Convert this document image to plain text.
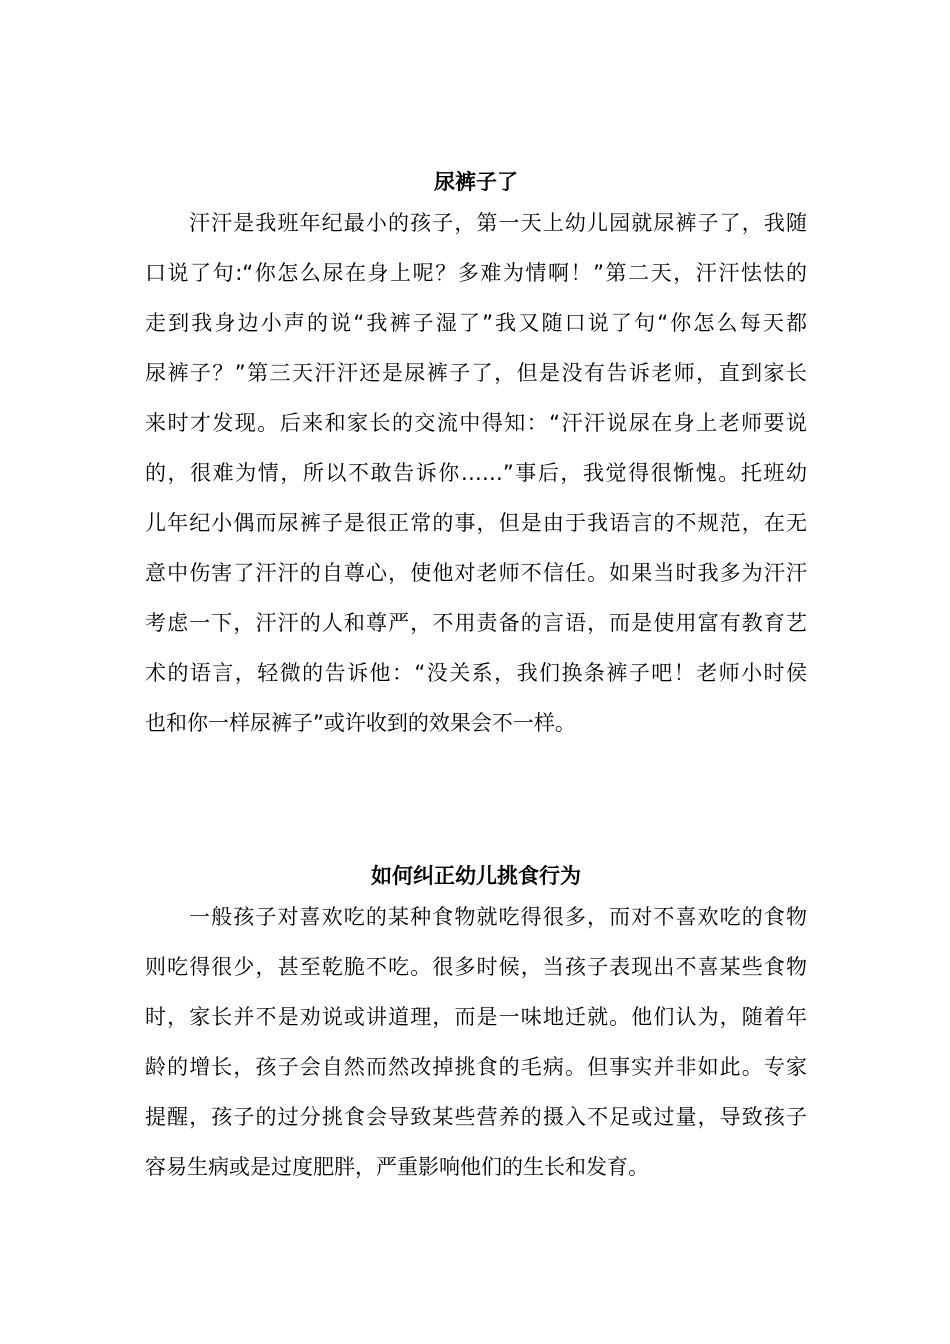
尿裤子了
汗汗是我班年纪最小的孩子，第一天上幼儿园就尿裤子了，我随
口说了句:“你怎么尿在身上呢？多难为情啊！”第二天，汗汗怯怯的
走到我身边小声的说“我裤子湿了”我又随口说了句“你怎么每天都
尿裤子？”第三天汗汗还是尿裤子了，但是没有告诉老师，直到家长
来时才发现。后来和家长的交流中得知：“汗汗说尿在身上老师要说
的，很难为情，所以不敢告诉你……”事后，我觉得很惭愧。托班幼
儿年纪小偶而尿裤子是很正常的事，但是由于我语言的不规范，在无
意中伤害了汗汗的自尊心，使他对老师不信任。如果当时我多为汗汗
考虑一下，汗汗的人和尊严，不用责备的言语，而是使用富有教育艺
术的语言，轻微的告诉他：“没关系，我们换条裤子吧！老师小时侯
也和你一样尿裤子”或许收到的效果会不一样。
如何纠正幼儿挑食行为
一般孩子对喜欢吃的某种食物就吃得很多，而对不喜欢吃的食物
则吃得很少，甚至乾脆不吃。很多时候，当孩子表现出不喜某些食物
时，家长并不是劝说或讲道理，而是一味地迁就。他们认为，随着年
龄的增长，孩子会自然而然改掉挑食的毛病。但事实并非如此。专家
提醒，孩子的过分挑食会导致某些营养的摄入不足或过量，导致孩子
容易生病或是过度肥胖，严重影响他们的生长和发育。
